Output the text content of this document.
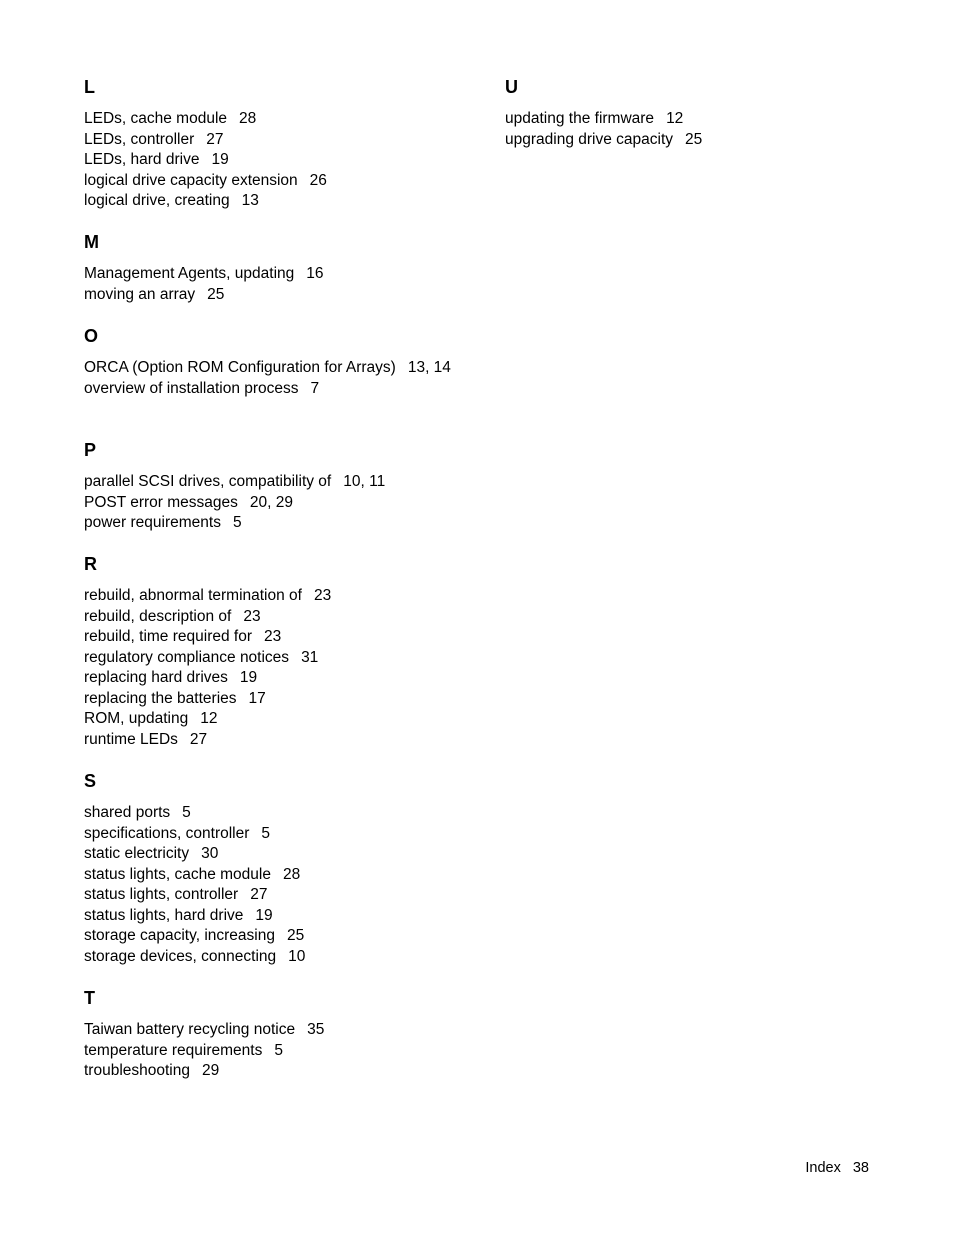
L
LEDs, cache module 28
LEDs, controller 27
LEDs, hard drive 19
logical drive capacity extension 26
logical drive, creating 13
M
Management Agents, updating 16
moving an array 25
O
ORCA (Option ROM Configuration for Arrays) 13, 14
overview of installation process 7
P
parallel SCSI drives, compatibility of 10, 11
POST error messages 20, 29
power requirements 5
R
rebuild, abnormal termination of 23
rebuild, description of 23
rebuild, time required for 23
regulatory compliance notices 31
replacing hard drives 19
replacing the batteries 17
ROM, updating 12
runtime LEDs 27
S
shared ports 5
specifications, controller 5
static electricity 30
status lights, cache module 28
status lights, controller 27
status lights, hard drive 19
storage capacity, increasing 25
storage devices, connecting 10
T
Taiwan battery recycling notice 35
temperature requirements 5
troubleshooting 29
U
updating the firmware 12
upgrading drive capacity 25
Index 38
